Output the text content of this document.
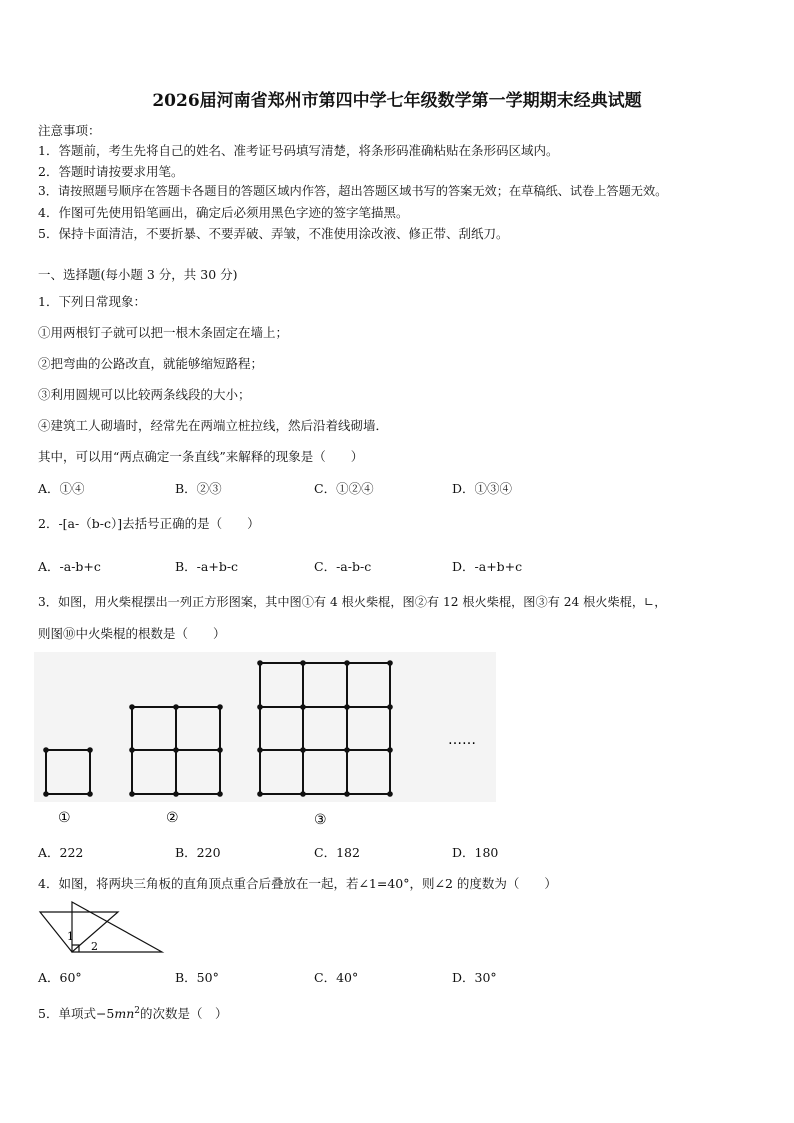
2026届河南省郑州市第四中学七年级数学第一学期期末经典试题
注意事项：
1．答题前，考生先将自己的姓名、准考证号码填写清楚，将条形码准确粘贴在条形码区域内。
2．答题时请按要求用笔。
3．请按照题号顺序在答题卡各题目的答题区域内作答，超出答题区域书写的答案无效；在草稿纸、试卷上答题无效。
4．作图可先使用铅笔画出，确定后必须用黑色字迹的签字笔描黑。
5．保持卡面清洁，不要折暴、不要弄破、弄皱，不准使用涂改液、修正带、刮纸刀。
一、选择题(每小题 3 分，共 30 分)
1．下列日常现象：
①用两根钉子就可以把一根木条固定在墙上；
②把弯曲的公路改直，就能够缩短路程；
③利用圆规可以比较两条线段的大小；
④建筑工人砌墙时，经常先在两端立桩拉线，然后沿着线砌墙．
其中，可以用“两点确定一条直线”来解释的现象是（　　）
A．①④	B．②③	C．①②④	D．①③④
2．-[a-（b-c）]去括号正确的是（　　）
A．-a-b+c	B．-a+b-c	C．-a-b-c	D．-a+b+c
3．如图，用火柴棍摆出一列正方形图案，其中图①有 4 根火柴棍，图②有 12 根火柴棍，图③有 24 根火柴棍，∟，
则图⑩中火柴棍的根数是（　　）
……
①	②	③
A．222	B．220	C．182	D．180
4．如图，将两块三角板的直角顶点重合后叠放在一起，若∠1=40°，则∠2 的度数为（　　）
1
2
A．60°	B．50°	C．40°	D．30°
5．单项式$-5mn^2$的次数是（　）
